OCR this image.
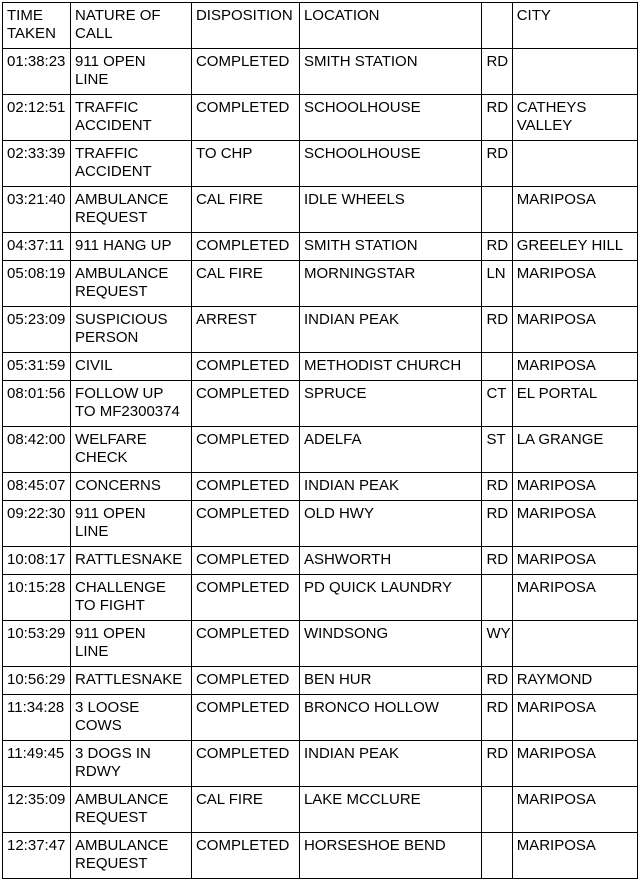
TIME
TAKEN	NATURE OF
CALL	DISPOSITION	LOCATION		CITY
01:38:23	911 OPEN
LINE	COMPLETED	SMITH STATION	RD	
02:12:51	TRAFFIC
ACCIDENT	COMPLETED	SCHOOLHOUSE	RD	CATHEYS
VALLEY
02:33:39	TRAFFIC
ACCIDENT	TO CHP	SCHOOLHOUSE	RD	
03:21:40	AMBULANCE
REQUEST	CAL FIRE	IDLE WHEELS		MARIPOSA
04:37:11	911 HANG UP	COMPLETED	SMITH STATION	RD	GREELEY HILL
05:08:19	AMBULANCE
REQUEST	CAL FIRE	MORNINGSTAR	LN	MARIPOSA
05:23:09	SUSPICIOUS
PERSON	ARREST	INDIAN PEAK	RD	MARIPOSA
05:31:59	CIVIL	COMPLETED	METHODIST CHURCH		MARIPOSA
08:01:56	FOLLOW UP
TO MF2300374	COMPLETED	SPRUCE	CT	EL PORTAL
08:42:00	WELFARE
CHECK	COMPLETED	ADELFA	ST	LA GRANGE
08:45:07	CONCERNS	COMPLETED	INDIAN PEAK	RD	MARIPOSA
09:22:30	911 OPEN
LINE	COMPLETED	OLD HWY	RD	MARIPOSA
10:08:17	RATTLESNAKE	COMPLETED	ASHWORTH	RD	MARIPOSA
10:15:28	CHALLENGE
TO FIGHT	COMPLETED	PD QUICK LAUNDRY		MARIPOSA
10:53:29	911 OPEN
LINE	COMPLETED	WINDSONG	WY	
10:56:29	RATTLESNAKE	COMPLETED	BEN HUR	RD	RAYMOND
11:34:28	3 LOOSE
COWS	COMPLETED	BRONCO HOLLOW	RD	MARIPOSA
11:49:45	3 DOGS IN
RDWY	COMPLETED	INDIAN PEAK	RD	MARIPOSA
12:35:09	AMBULANCE
REQUEST	CAL FIRE	LAKE MCCLURE		MARIPOSA
12:37:47	AMBULANCE
REQUEST	COMPLETED	HORSESHOE BEND		MARIPOSA
